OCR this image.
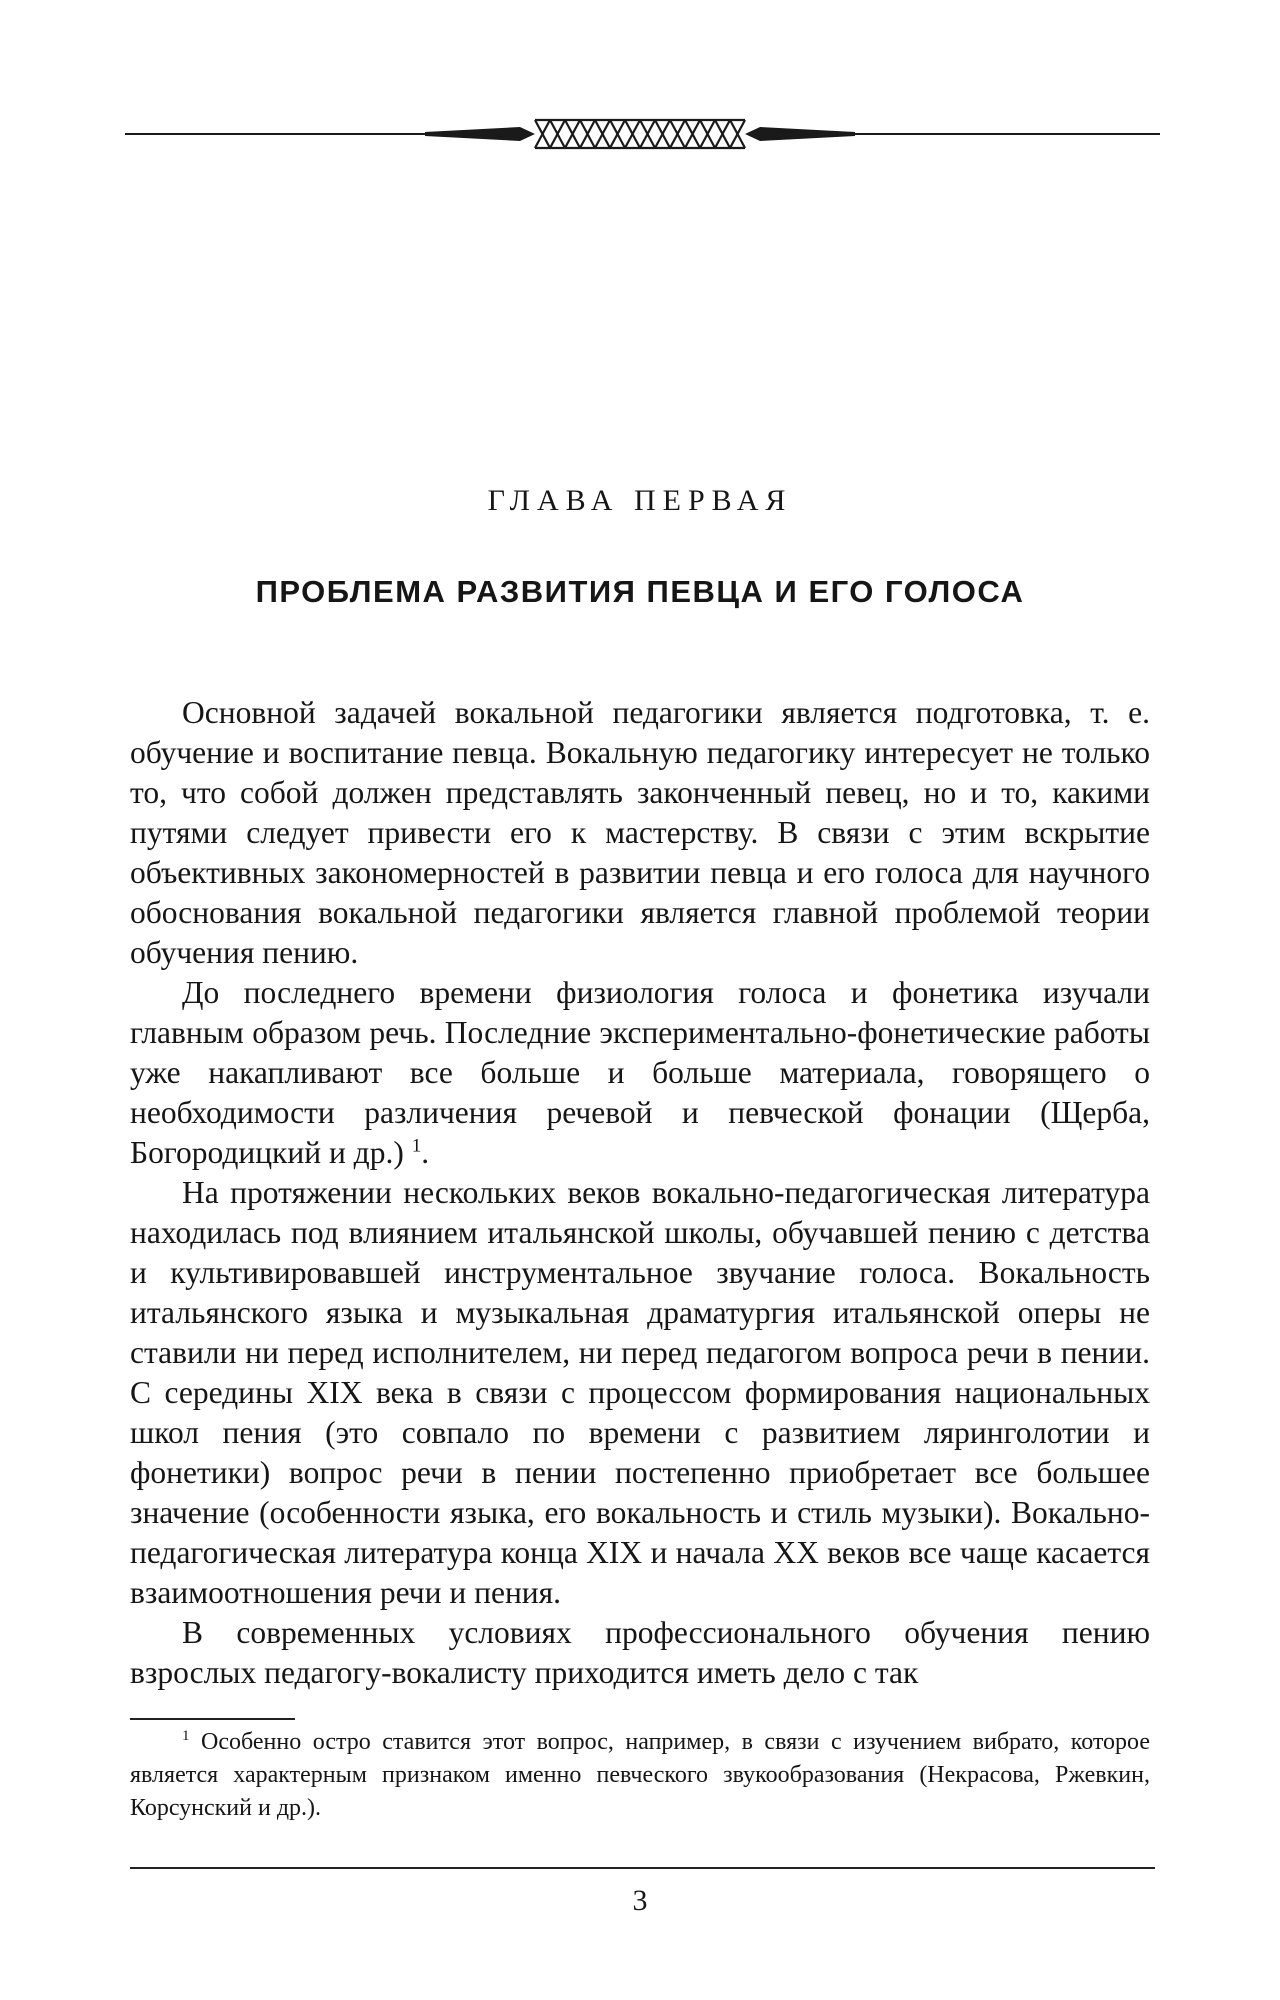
ГЛАВА ПЕРВАЯ
ПРОБЛЕМА РАЗВИТИЯ ПЕВЦА И ЕГО ГОЛОСА

Основной задачей вокальной педагогики является подготовка, т. е. обучение и воспитание певца. Вокальную педагогику интересует не только то, что собой должен представлять законченный певец, но и то, какими путями следует привести его к мастерству. В связи с этим вскрытие объективных закономерностей в развитии певца и его голоса для научного обоснования вокальной педагогики является главной проблемой теории обучения пению.

До последнего времени физиология голоса и фонетика изучали главным образом речь. Последние экспериментально-фонетические работы уже накапливают все больше и больше материала, говорящего о необходимости различения речевой и певческой фонации (Щерба, Богородицкий и др.) $^1$.

На протяжении нескольких веков вокально-педагогическая литература находилась под влиянием итальянской школы, обучавшей пению с детства и культивировавшей инструментальное звучание голоса. Вокальность итальянского языка и музыкальная драматургия итальянской оперы не ставили ни перед исполнителем, ни перед педагогом вопроса речи в пении. С середины XIX века в связи с процессом формирования национальных школ пения (это совпало по времени с развитием ляринголотии и фонетики) вопрос речи в пении постепенно приобретает все большее значение (особенности языка, его вокальность и стиль музыки). Вокально-педагогическая литература конца XIX и начала XX веков все чаще касается взаимоотношения речи и пения.

В современных условиях профессионального обучения пению взрослых педагогу-вокалисту приходится иметь дело с так

$^1$ Особенно остро ставится этот вопрос, например, в связи с изучением вибрато, которое является характерным признаком именно певческого звукообразования (Некрасова, Ржевкин, Корсунский и др.).

3
